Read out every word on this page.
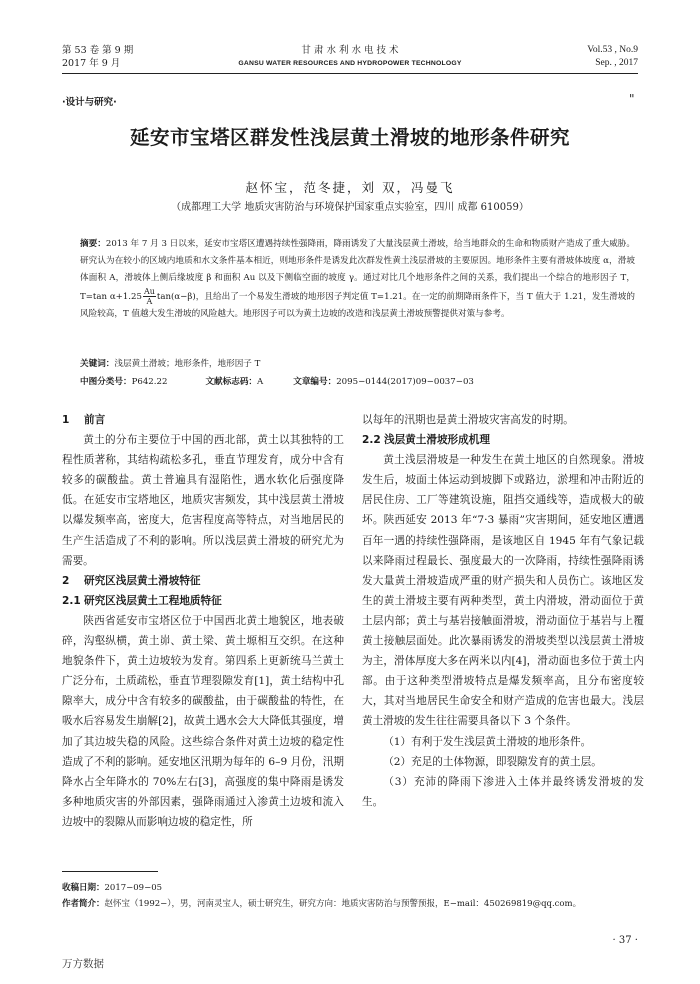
第 53 卷 第 9 期
2017 年 9 月
甘 肃 水 利 水 电 技 术
GANSU WATER RESOURCES AND HYDROPOWER TECHNOLOGY
Vol.53 , No.9
Sep. , 2017
·设计与研究·	"
延安市宝塔区群发性浅层黄土滑坡的地形条件研究
赵怀宝，范冬捷，刘 双，冯曼飞
（成都理工大学 地质灾害防治与环境保护国家重点实验室，四川 成都 610059）
摘要：2013 年 7 月 3 日以来，延安市宝塔区遭遇持续性强降雨，降雨诱发了大量浅层黄土滑坡，给当地群众的生命和物质财产造成了重大威胁。研究认为在较小的区域内地质和水文条件基本相近，则地形条件是诱发此次群发性黄土浅层滑坡的主要原因。地形条件主要有滑坡体坡度 α，滑坡体面积 A，滑坡体上侧后缘坡度 β 和面积 Au 以及下侧临空面的坡度 γ。通过对比几个地形条件之间的关系，我们提出一个综合的地形因子 T，T=tan $\alpha+1.25 \frac{Au}{A} \tan(\alpha-\beta)$，且给出了一个易发生滑坡的地形因子判定值 T=1.21。在一定的前期降雨条件下，当 T 值大于 1.21，发生滑坡的风险较高，T 值越大发生滑坡的风险越大。地形因子可以为黄土边坡的改造和浅层黄土滑坡预警提供对策与参考。
关键词：浅层黄土滑坡；地形条件，地形因子 T
中图分类号：P642.22	文献标志码：A	文章编号：2095−0144(2017)09−0037−03
1 前言

黄土的分布主要位于中国的西北部，黄土以其独特的工程性质著称，其结构疏松多孔，垂直节理发育，成分中含有较多的碳酸盐。黄土普遍具有湿陷性，遇水软化后强度降低。在延安市宝塔地区，地质灾害频发，其中浅层黄土滑坡以爆发频率高，密度大，危害程度高等特点，对当地居民的生产生活造成了不利的影响。所以浅层黄土滑坡的研究尤为需要。

2 研究区浅层黄土滑坡特征
2.1 研究区浅层黄土工程地质特征

陕西省延安市宝塔区位于中国西北黄土地貌区，地表破碎，沟壑纵横，黄土峁、黄土梁、黄土塬相互交织。在这种地貌条件下，黄土边坡较为发育。第四系上更新统马兰黄土广泛分布，土质疏松，垂直节理裂隙发育[1]，黄土结构中孔隙率大，成分中含有较多的碳酸盐，由于碳酸盐的特性，在吸水后容易发生崩解[2]，故黄土遇水会大大降低其强度，增加了其边坡失稳的风险。这些综合条件对黄土边坡的稳定性造成了不利的影响。延安地区汛期为每年的 6–9 月份，汛期降水占全年降水的 70%左右[3]，高强度的集中降雨是诱发多种地质灾害的外部因素，强降雨通过入渗黄土边坡和流入边坡中的裂隙从而影响边坡的稳定性，所

以每年的汛期也是黄土滑坡灾害高发的时期。

2.2 浅层黄土滑坡形成机理

黄土浅层滑坡是一种发生在黄土地区的自然现象。滑坡发生后，坡面土体运动到坡脚下或路边，淤埋和冲击附近的居民住房、工厂等建筑设施，阻挡交通线等，造成极大的破坏。陕西延安 2013 年“7·3 暴雨”灾害期间，延安地区遭遇百年一遇的持续性强降雨，是该地区自 1945 年有气象记载以来降雨过程最长、强度最大的一次降雨，持续性强降雨诱发大量黄土滑坡造成严重的财产损失和人员伤亡。该地区发生的黄土滑坡主要有两种类型，黄土内滑坡，滑动面位于黄土层内部；黄土与基岩接触面滑坡，滑动面位于基岩与上覆黄土接触层面处。此次暴雨诱发的滑坡类型以浅层黄土滑坡为主，滑体厚度大多在两米以内[4]，滑动面也多位于黄土内部。由于这种类型滑坡特点是爆发频率高，且分布密度较大，其对当地居民生命安全和财产造成的危害也最大。浅层黄土滑坡的发生往往需要具备以下 3 个条件。

（1）有利于发生浅层黄土滑坡的地形条件。

（2）充足的土体物源，即裂隙发育的黄土层。

（3）充沛的降雨下渗进入土体并最终诱发滑坡的发生。

收稿日期：2017−09−05
作者简介：赵怀宝（1992−），男，河南灵宝人，硕士研究生，研究方向：地质灾害防治与预警预报，E−mail：450269819@qq.com。
· 37 ·
万方数据
